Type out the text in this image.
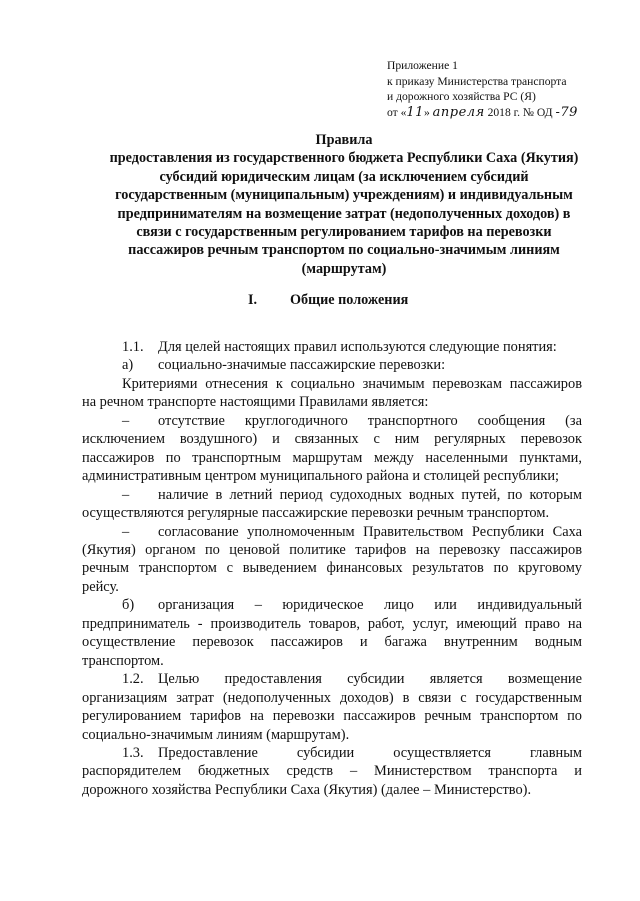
Приложение 1
к приказу Министерства транспорта
и дорожного хозяйства РС (Я)
от «11» апреля 2018 г. № ОД -79
Правила
предоставления из государственного бюджета Республики Саха (Якутия)
субсидий юридическим лицам (за исключением субсидий
государственным (муниципальным) учреждениям) и индивидуальным
предпринимателям на возмещение затрат (недополученных доходов) в
связи с государственным регулированием тарифов на перевозки
пассажиров речным транспортом по социально-значимым линиям
(маршрутам)
I. Общие положения
1.1. Для целей настоящих правил используются следующие понятия:
а) социально-значимые пассажирские перевозки:
Критериями отнесения к социально значимым перевозкам пассажиров
на речном транспорте настоящими Правилами является:
– отсутствие круглогодичного транспортного сообщения (за
исключением воздушного) и связанных с ним регулярных перевозок
пассажиров по транспортным маршрутам между населенными пунктами,
административным центром муниципального района и столицей республики;
– наличие в летний период судоходных водных путей, по которым
осуществляются регулярные пассажирские перевозки речным транспортом.
– согласование уполномоченным Правительством Республики Саха
(Якутия) органом по ценовой политике тарифов на перевозку пассажиров
речным транспортом с выведением финансовых результатов по круговому
рейсу.
б) организация – юридическое лицо или индивидуальный
предприниматель - производитель товаров, работ, услуг, имеющий право на
осуществление перевозок пассажиров и багажа внутренним водным
транспортом.
1.2. Целью предоставления субсидии является возмещение
организациям затрат (недополученных доходов) в связи с государственным
регулированием тарифов на перевозки пассажиров речным транспортом по
социально-значимым линиям (маршрутам).
1.3. Предоставление субсидии осуществляется главным
распорядителем бюджетных средств – Министерством транспорта и
дорожного хозяйства Республики Саха (Якутия) (далее – Министерство).
